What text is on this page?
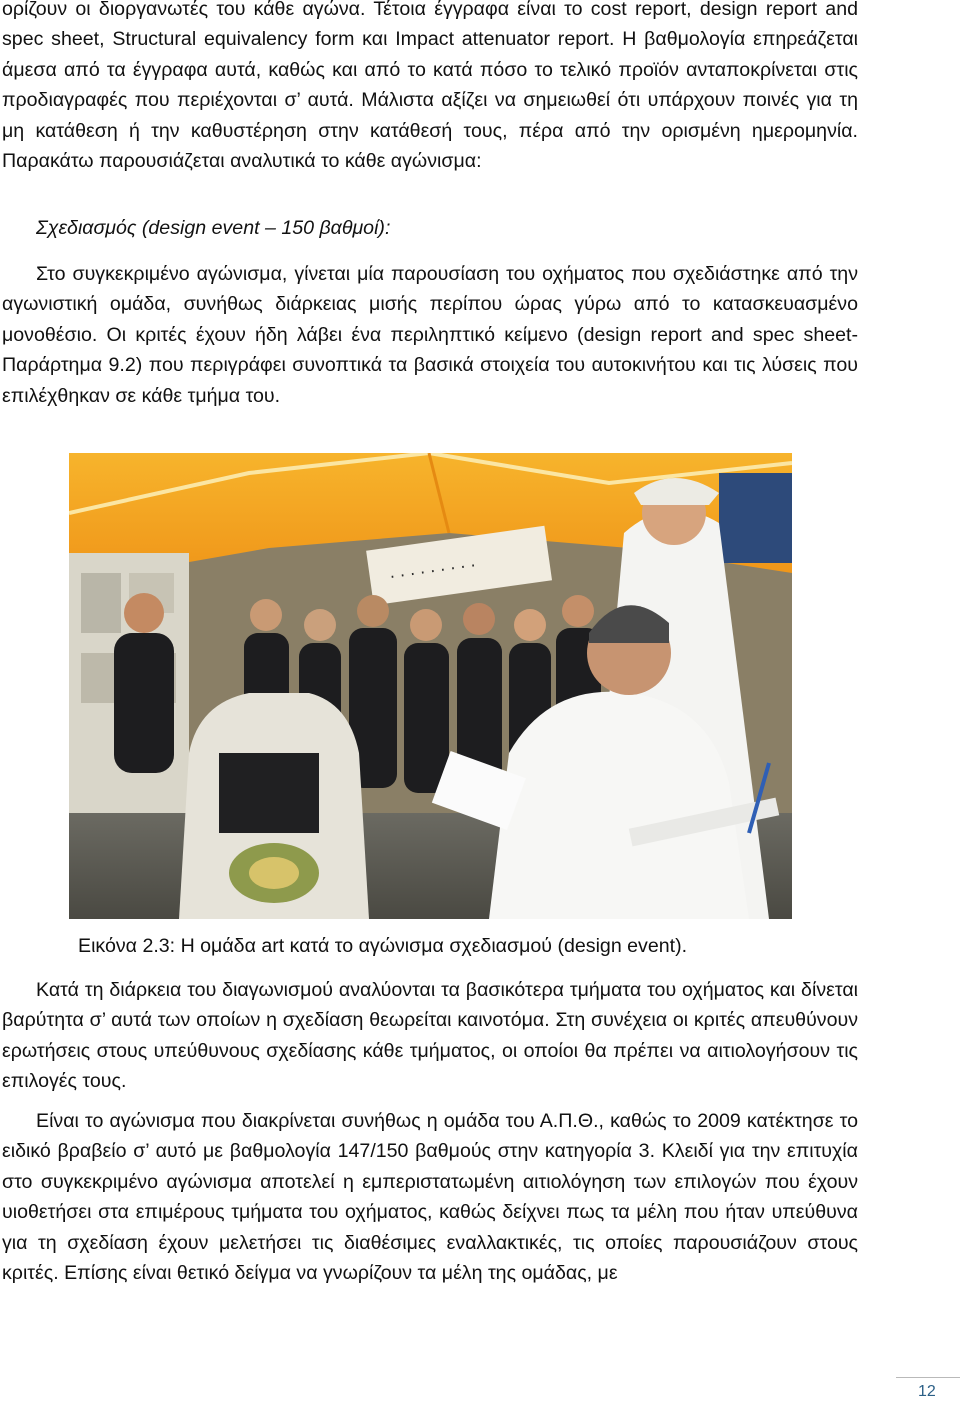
ορίζουν οι διοργανωτές του κάθε αγώνα. Τέτοια έγγραφα είναι το cost report, design report and spec sheet, Structural equivalency form και Impact attenuator report. Η βαθμολογία επηρεάζεται άμεσα από τα έγγραφα αυτά, καθώς και από το κατά πόσο το τελικό προϊόν ανταποκρίνεται στις προδιαγραφές που περιέχονται σ’ αυτά. Μάλιστα αξίζει να σημειωθεί ότι υπάρχουν ποινές για τη μη κατάθεση ή την καθυστέρηση στην κατάθεσή τους, πέρα από την ορισμένη ημερομηνία. Παρακάτω παρουσιάζεται αναλυτικά το κάθε αγώνισμα:

Σχεδιασμός (design event – 150 βαθμοί):

Στο συγκεκριμένο αγώνισμα, γίνεται μία παρουσίαση του οχήματος που σχεδιάστηκε από την αγωνιστική ομάδα, συνήθως διάρκειας μισής περίπου ώρας γύρω από το κατασκευασμένο μονοθέσιο. Οι κριτές έχουν ήδη λάβει ένα περιληπτικό κείμενο (design report and spec sheet- Παράρτημα 9.2) που περιγράφει συνοπτικά τα βασικά στοιχεία του αυτοκινήτου και τις λύσεις που επιλέχθηκαν σε κάθε τμήμα του.

· · · · · · · · ·

Εικόνα 2.3: Η ομάδα art κατά το αγώνισμα σχεδιασμού (design event).

Κατά τη διάρκεια του διαγωνισμού αναλύονται τα βασικότερα τμήματα του οχήματος και δίνεται βαρύτητα σ’ αυτά των οποίων η σχεδίαση θεωρείται καινοτόμα. Στη συνέχεια οι κριτές απευθύνουν ερωτήσεις στους υπεύθυνους σχεδίασης κάθε τμήματος, οι οποίοι θα πρέπει να αιτιολογήσουν τις επιλογές τους.

Είναι το αγώνισμα που διακρίνεται συνήθως η ομάδα του Α.Π.Θ., καθώς το 2009 κατέκτησε το ειδικό βραβείο σ’ αυτό με βαθμολογία 147/150 βαθμούς στην κατηγορία 3. Κλειδί για την επιτυχία στο συγκεκριμένο αγώνισμα αποτελεί η εμπεριστατωμένη αιτιολόγηση των επιλογών που έχουν υιοθετήσει στα επιμέρους τμήματα του οχήματος, καθώς δείχνει πως τα μέλη που ήταν υπεύθυνα για τη σχεδίαση έχουν μελετήσει τις διαθέσιμες εναλλακτικές, τις οποίες παρουσιάζουν στους κριτές. Επίσης είναι θετικό δείγμα να γνωρίζουν τα μέλη της ομάδας, με

12
